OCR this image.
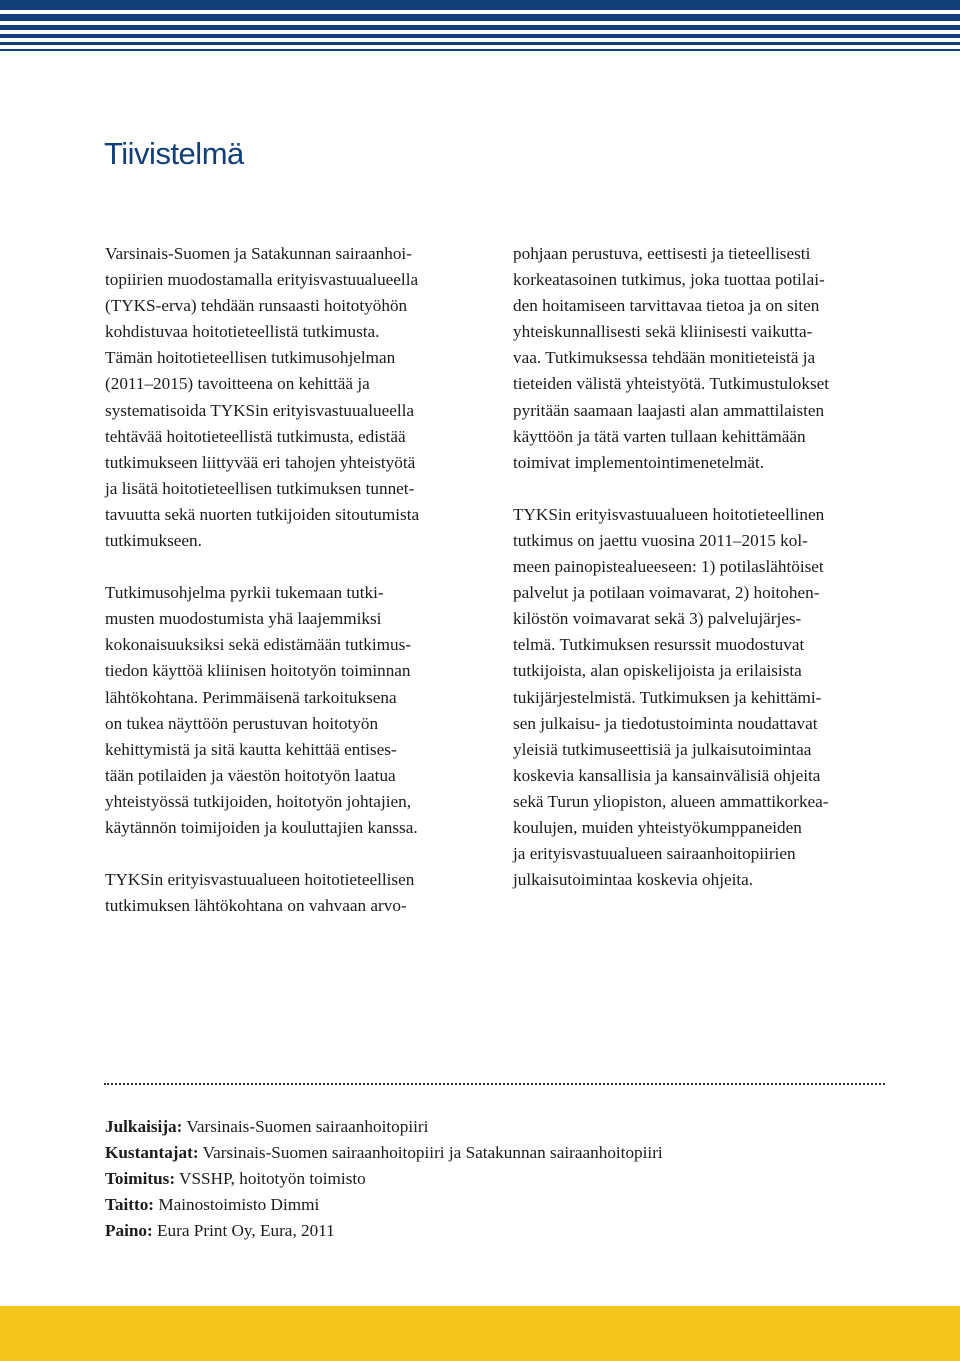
Tiivistelmä

Varsinais-Suomen ja Satakunnan sairaanhoi-
topiirien muodostamalla erityisvastuualueella
(TYKS-erva) tehdään runsaasti hoitotyöhön
kohdistuvaa hoitotieteellistä tutkimusta.
Tämän hoitotieteellisen tutkimusohjelman
(2011–2015) tavoitteena on kehittää ja
systematisoida TYKSin erityisvastuualueella
tehtävää hoitotieteellistä tutkimusta, edistää
tutkimukseen liittyvää eri tahojen yhteistyötä
ja lisätä hoitotieteellisen tutkimuksen tunnet-
tavuutta sekä nuorten tutkijoiden sitoutumista
tutkimukseen.

Tutkimusohjelma pyrkii tukemaan tutki-
musten muodostumista yhä laajemmiksi
kokonaisuuksiksi sekä edistämään tutkimus-
tiedon käyttöä kliinisen hoitotyön toiminnan
lähtökohtana. Perimmäisenä tarkoituksena
on tukea näyttöön perustuvan hoitotyön
kehittymistä ja sitä kautta kehittää entises-
tään potilaiden ja väestön hoitotyön laatua
yhteistyössä tutkijoiden, hoitotyön johtajien,
käytännön toimijoiden ja kouluttajien kanssa.

TYKSin erityisvastuualueen hoitotieteellisen
tutkimuksen lähtökohtana on vahvaan arvo-

pohjaan perustuva, eettisesti ja tieteellisesti
korkeatasoinen tutkimus, joka tuottaa potilai-
den hoitamiseen tarvittavaa tietoa ja on siten
yhteiskunnallisesti sekä kliinisesti vaikutta-
vaa. Tutkimuksessa tehdään monitieteistä ja
tieteiden välistä yhteistyötä. Tutkimustulokset
pyritään saamaan laajasti alan ammattilaisten
käyttöön ja tätä varten tullaan kehittämään
toimivat implementointimenetelmät.

TYKSin erityisvastuualueen hoitotieteellinen
tutkimus on jaettu vuosina 2011–2015 kol-
meen painopistealueeseen: 1) potilaslähtöiset
palvelut ja potilaan voimavarat, 2) hoitohen-
kilöstön voimavarat sekä 3) palvelujärjes-
telmä. Tutkimuksen resurssit muodostuvat
tutkijoista, alan opiskelijoista ja erilaisista
tukijärjestelmistä. Tutkimuksen ja kehittämi-
sen julkaisu- ja tiedotustoiminta noudattavat
yleisiä tutkimuseettisiä ja julkaisutoimintaa
koskevia kansallisia ja kansainvälisiä ohjeita
sekä Turun yliopiston, alueen ammattikorkea-
koulujen, muiden yhteistyökumppaneiden
ja erityisvastuualueen sairaanhoitopiirien
julkaisutoimintaa koskevia ohjeita.

Julkaisija: Varsinais-Suomen sairaanhoitopiiri
Kustantajat: Varsinais-Suomen sairaanhoitopiiri ja Satakunnan sairaanhoitopiiri
Toimitus: VSSHP, hoitotyön toimisto
Taitto: Mainostoimisto Dimmi
Paino: Eura Print Oy, Eura, 2011
